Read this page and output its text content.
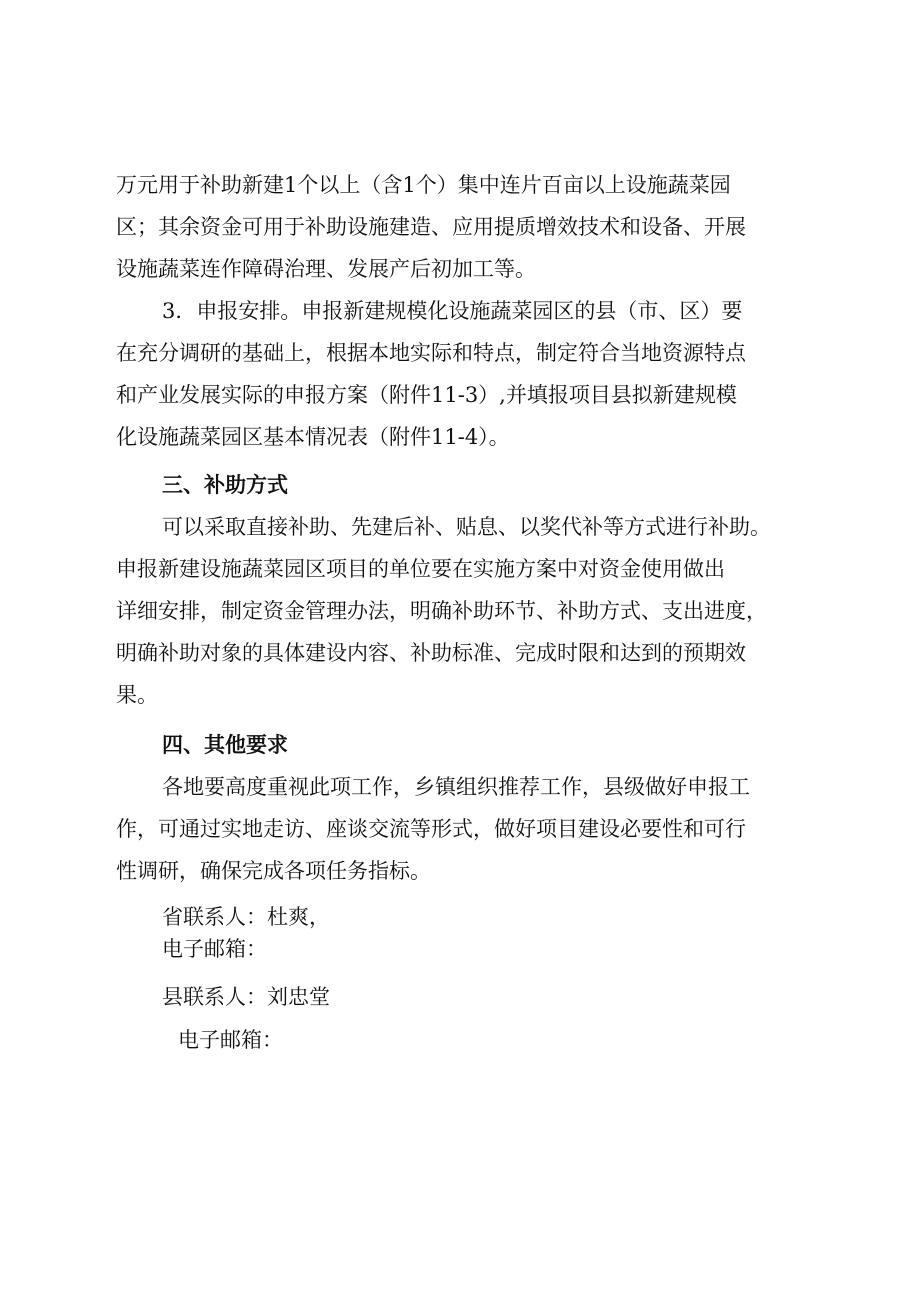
万元用于补助新建1个以上（含1个）集中连片百亩以上设施蔬菜园
区；其余资金可用于补助设施建造、应用提质增效技术和设备、开展
设施蔬菜连作障碍治理、发展产后初加工等。
3．申报安排。申报新建规模化设施蔬菜园区的县（市、区）要
在充分调研的基础上，根据本地实际和特点，制定符合当地资源特点
和产业发展实际的申报方案（附件11-3）,并填报项目县拟新建规模
化设施蔬菜园区基本情况表（附件11-4）。
三、补助方式
可以采取直接补助、先建后补、贴息、以奖代补等方式进行补助。
申报新建设施蔬菜园区项目的单位要在实施方案中对资金使用做出
详细安排，制定资金管理办法，明确补助环节、补助方式、支出进度，
明确补助对象的具体建设内容、补助标准、完成时限和达到的预期效
果。
四、其他要求
各地要高度重视此项工作，乡镇组织推荐工作，县级做好申报工
作，可通过实地走访、座谈交流等形式，做好项目建设必要性和可行
性调研，确保完成各项任务指标。
省联系人：杜爽，
电子邮箱：
县联系人：刘忠堂
电子邮箱：
